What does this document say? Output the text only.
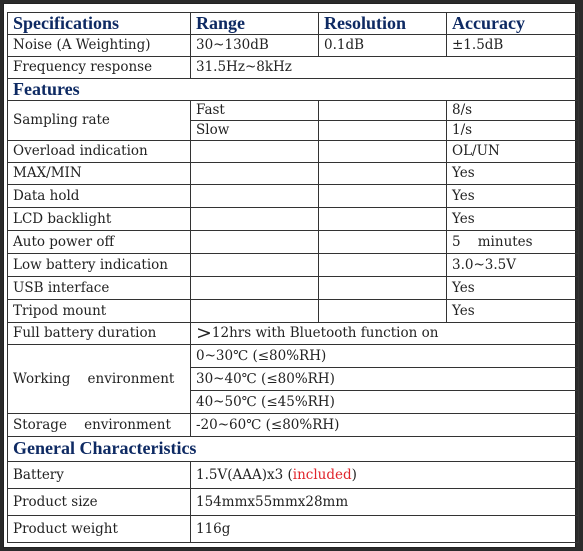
Specifications	Range	Resolution	Accuracy
Noise (A Weighting)	30~130dB	0.1dB	±1.5dB
Frequency response	31.5Hz~8kHz		
Features			
Sampling rate	Fast		8/s
	Slow		1/s
Overload indication			OL/UN
MAX/MIN			Yes
Data hold			Yes
LCD backlight			Yes
Auto power off			5    minutes
Low battery indication			3.0~3.5V
USB interface			Yes
Tripod mount			Yes
Full battery duration	>12hrs with Bluetooth function on		
Working    environment	0~30℃ (≤80%RH)		
	30~40℃ (≤80%RH)		
	40~50℃ (≤45%RH)		
Storage    environment	-20~60℃ (≤80%RH)		
General Characteristics			
Battery	1.5V(AAA)x3 (included)		
Product size	154mmx55mmx28mm		
Product weight	116g		
